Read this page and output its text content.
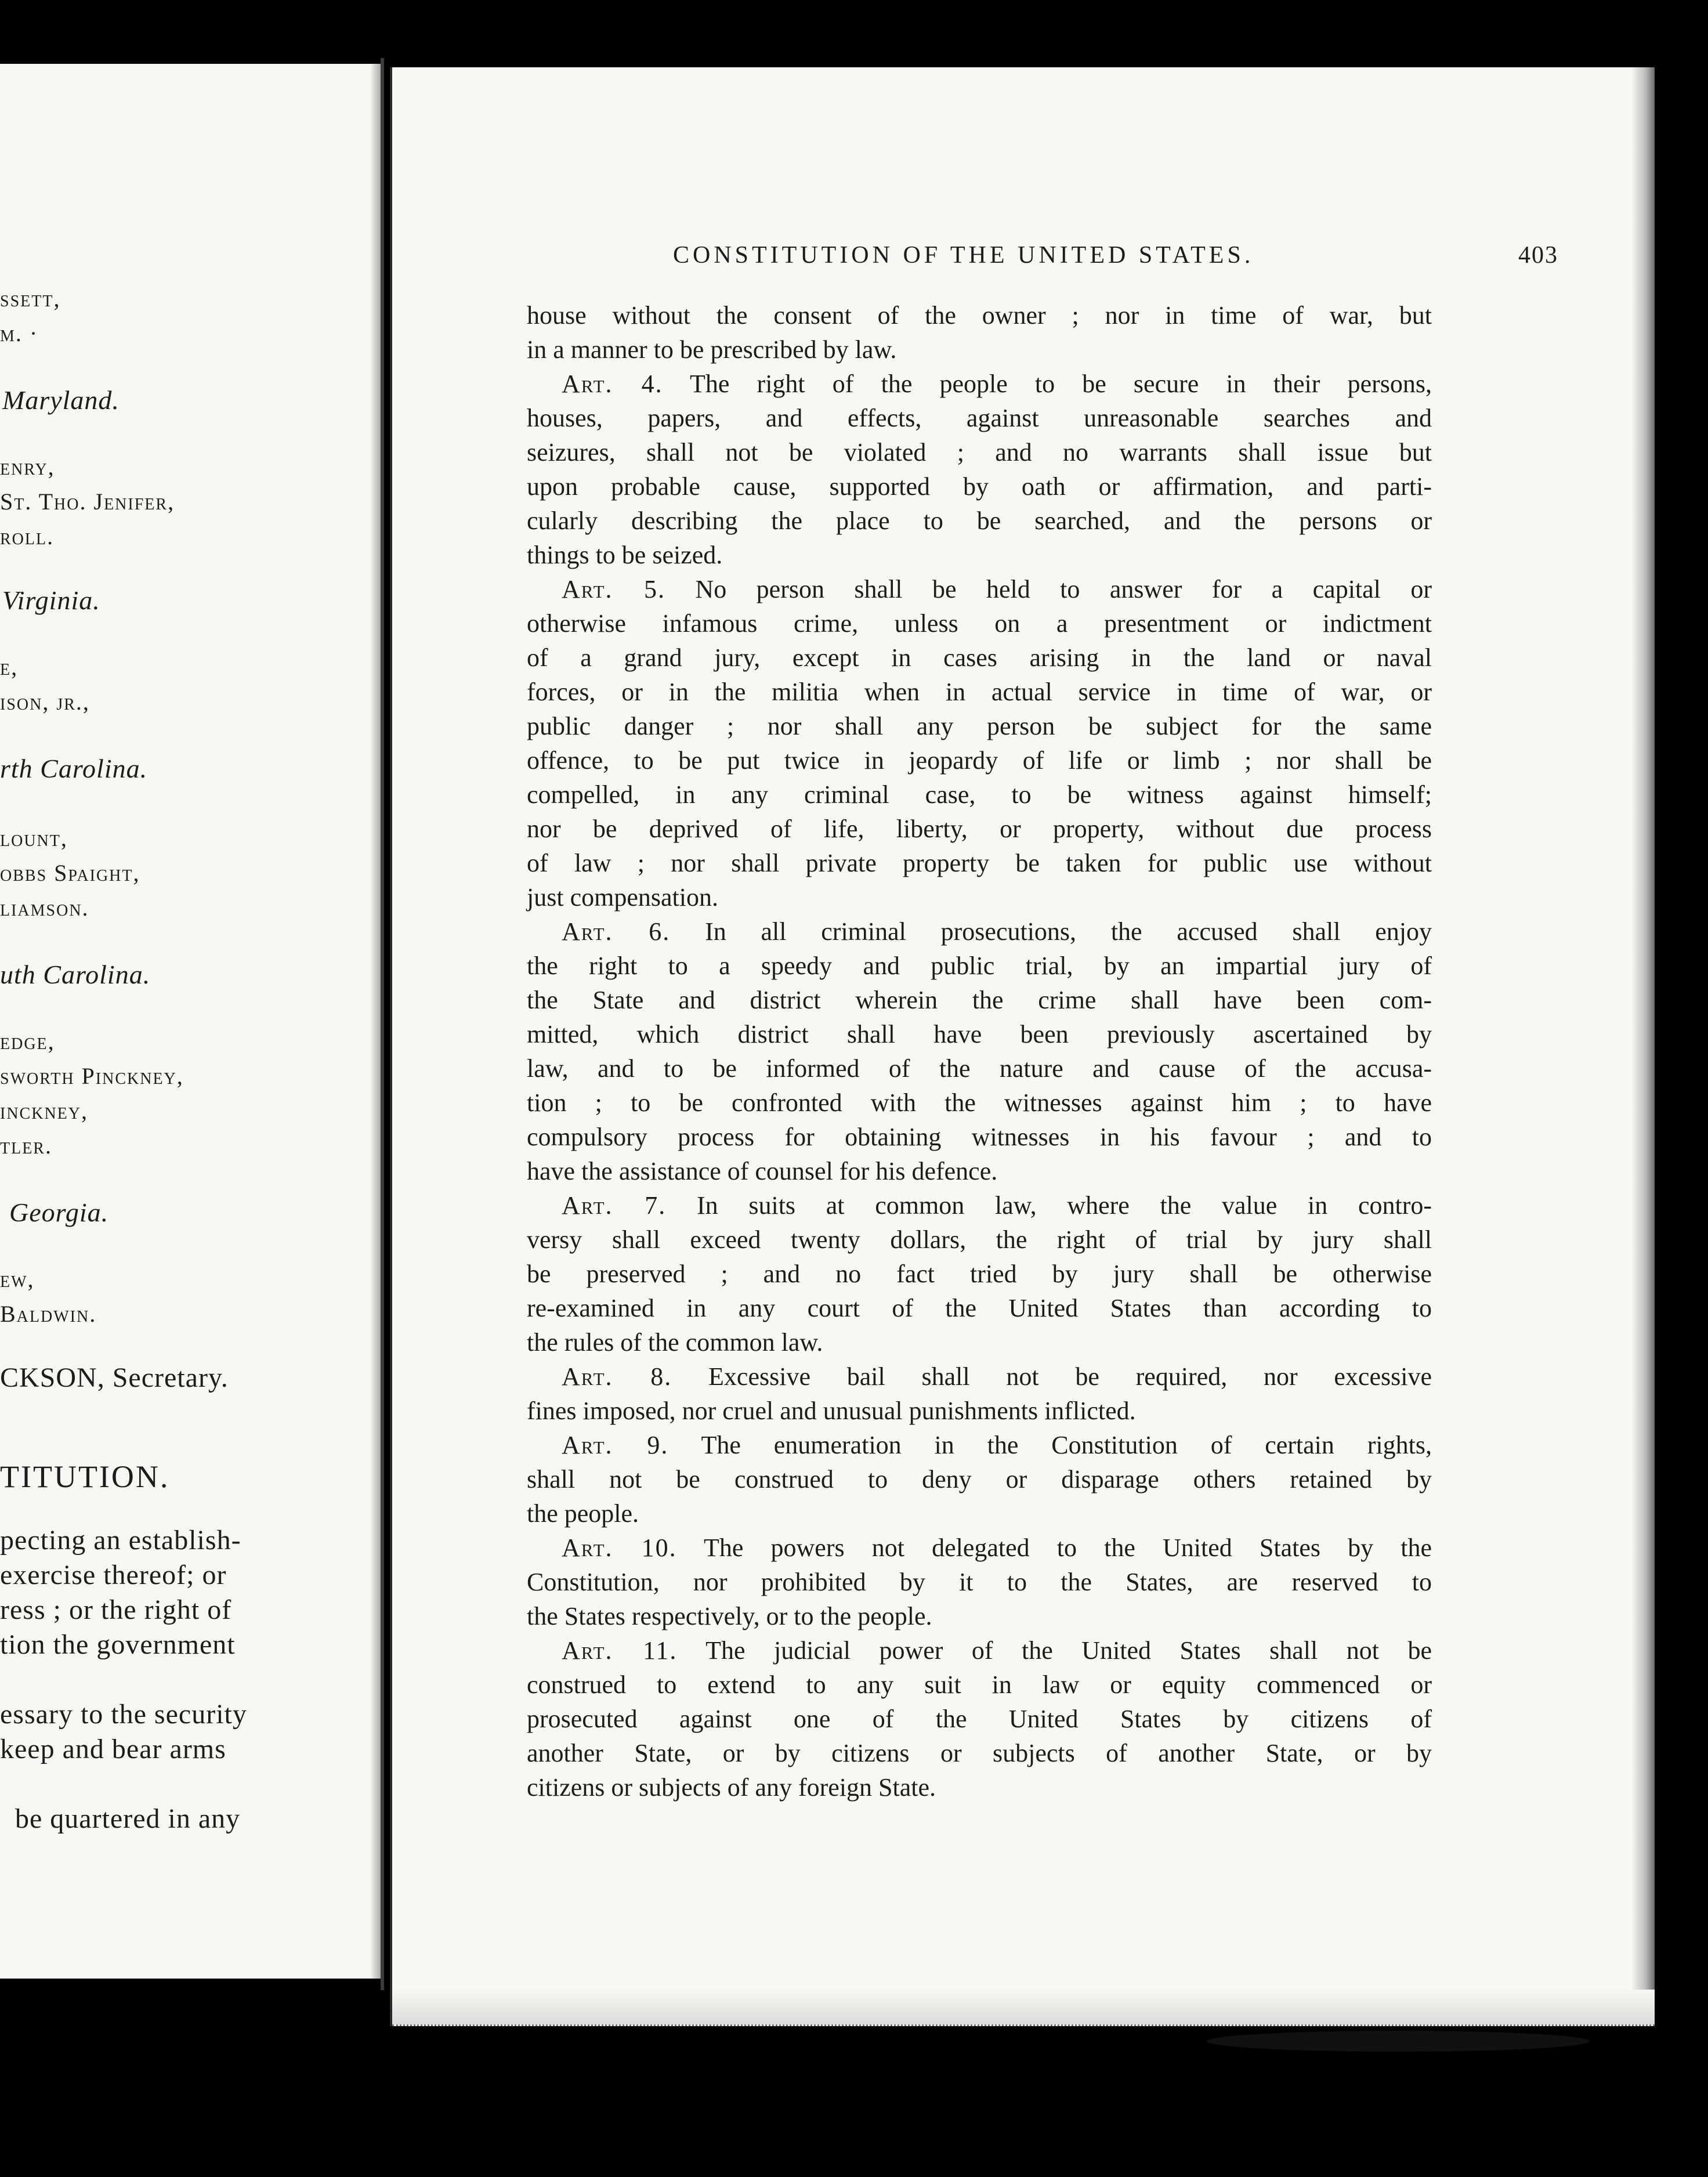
ssett,
m. ·
Maryland.
enry,
St. Tho. Jenifer,
roll.
Virginia.
e,
ison, jr.,
rth Carolina.
lount,
obbs Spaight,
liamson.
uth Carolina.
edge,
sworth Pinckney,
inckney,
tler.
Georgia.
ew,
Baldwin.
CKSON, Secretary.
TITUTION.
pecting an establish-
exercise thereof; or
ress ; or the right of
tion the government
essary to the security
keep and bear arms
be quartered in any
CONSTITUTION OF THE UNITED STATES.	403
house without the consent of the owner ; nor in time of war, but
in a manner to be prescribed by law.
Art. 4. The right of the people to be secure in their persons,
houses, papers, and effects, against unreasonable searches and
seizures, shall not be violated ; and no warrants shall issue but
upon probable cause, supported by oath or affirmation, and parti-
cularly describing the place to be searched, and the persons or
things to be seized.
Art. 5. No person shall be held to answer for a capital or
otherwise infamous crime, unless on a presentment or indictment
of a grand jury, except in cases arising in the land or naval
forces, or in the militia when in actual service in time of war, or
public danger ; nor shall any person be subject for the same
offence, to be put twice in jeopardy of life or limb ; nor shall be
compelled, in any criminal case, to be witness against himself;
nor be deprived of life, liberty, or property, without due process
of law ; nor shall private property be taken for public use without
just compensation.
Art. 6. In all criminal prosecutions, the accused shall enjoy
the right to a speedy and public trial, by an impartial jury of
the State and district wherein the crime shall have been com-
mitted, which district shall have been previously ascertained by
law, and to be informed of the nature and cause of the accusa-
tion ; to be confronted with the witnesses against him ; to have
compulsory process for obtaining witnesses in his favour ; and to
have the assistance of counsel for his defence.
Art. 7. In suits at common law, where the value in contro-
versy shall exceed twenty dollars, the right of trial by jury shall
be preserved ; and no fact tried by jury shall be otherwise
re-examined in any court of the United States than according to
the rules of the common law.
Art. 8. Excessive bail shall not be required, nor excessive
fines imposed, nor cruel and unusual punishments inflicted.
Art. 9. The enumeration in the Constitution of certain rights,
shall not be construed to deny or disparage others retained by
the people.
Art. 10. The powers not delegated to the United States by the
Constitution, nor prohibited by it to the States, are reserved to
the States respectively, or to the people.
Art. 11. The judicial power of the United States shall not be
construed to extend to any suit in law or equity commenced or
prosecuted against one of the United States by citizens of
another State, or by citizens or subjects of another State, or by
citizens or subjects of any foreign State.
